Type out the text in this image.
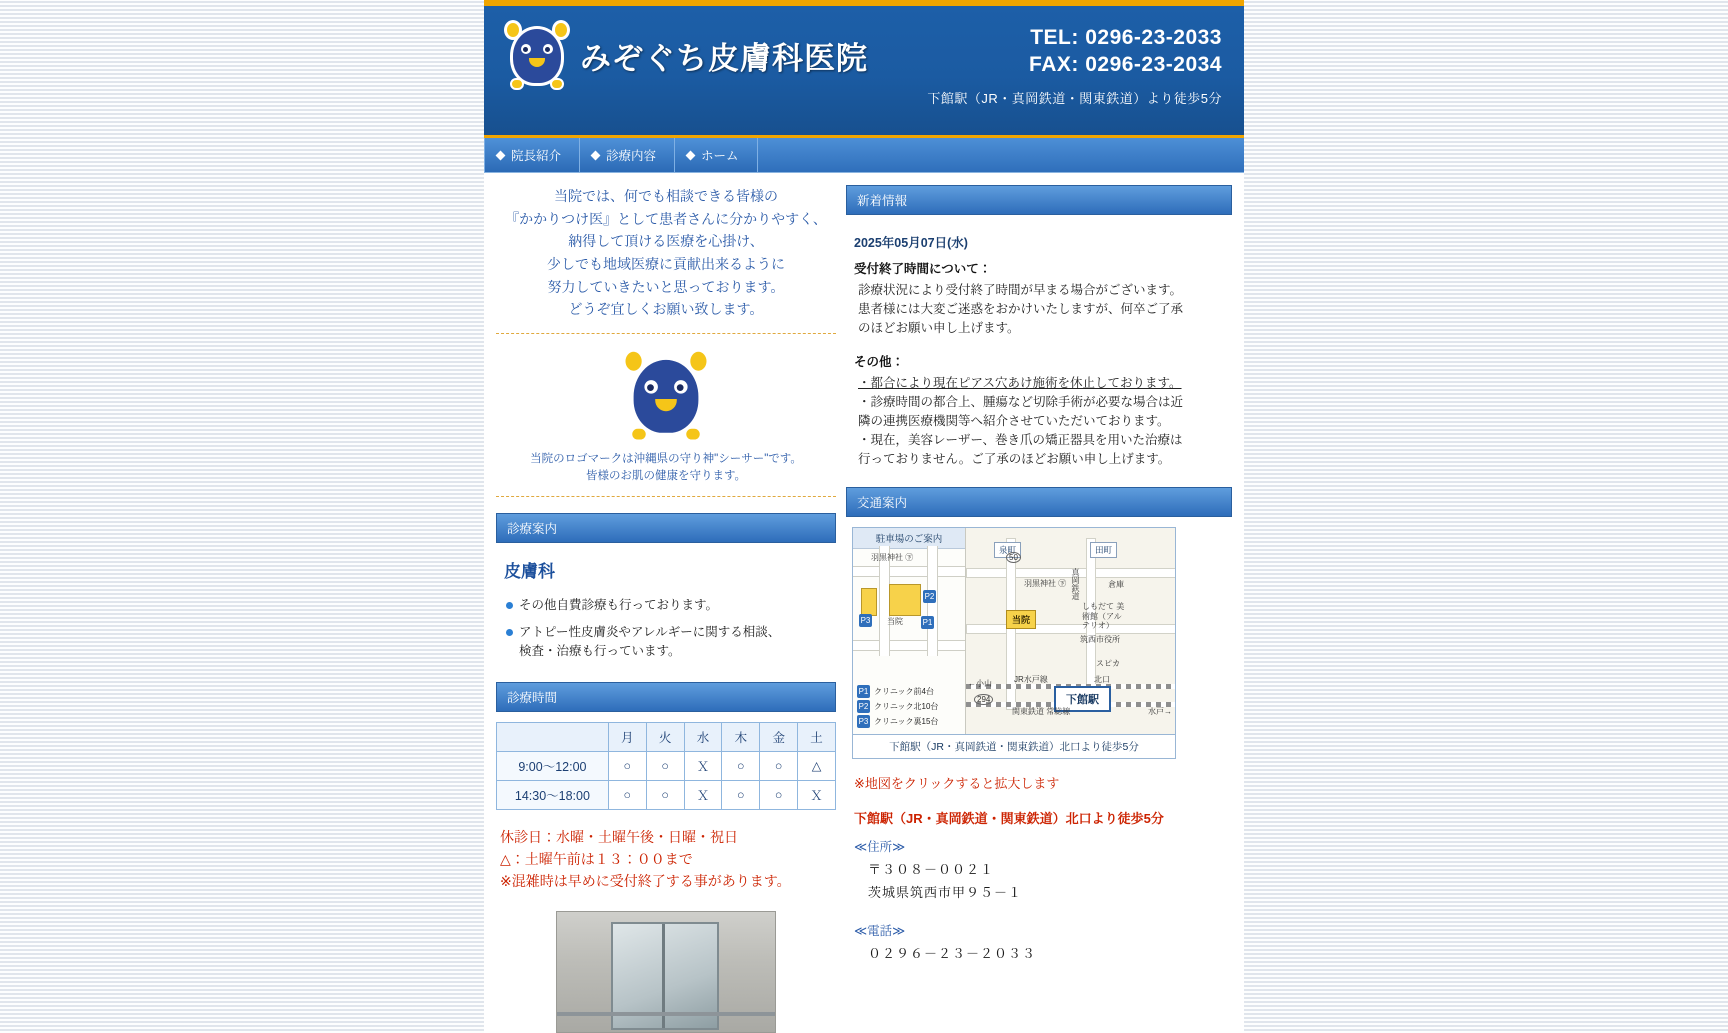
みぞぐち皮膚科医院
TEL: 0296-23-2033
FAX: 0296-23-2034
下館駅（JR・真岡鉄道・関東鉄道）より徒歩5分
院長紹介	診療内容	ホーム
当院では、何でも相談できる皆様の
『かかりつけ医』として患者さんに分かりやすく、
納得して頂ける医療を心掛け、
少しでも地域医療に貢献出来るように
努力していきたいと思っております。
どうぞ宜しくお願い致します。
当院のロゴマークは沖縄県の守り神"シーサー"です。
皆様のお肌の健康を守ります。
診療案内
皮膚科
その他自費診療も行っております。
アトピー性皮膚炎やアレルギーに関する相談、
検査・治療も行っています。
診療時間
	月	火	水	木	金	土
9:00～12:00	○	○	Ｘ	○	○	△
14:30～18:00	○	○	Ｘ	○	○	Ｘ
休診日：水曜・土曜午後・日曜・祝日
△：土曜午前は１３：００まで
※混雑時は早めに受付終了する事があります。
新着情報
2025年05月07日(水)
受付終了時間について：
診療状況により受付終了時間が早まる場合がございます。
患者様には大変ご迷惑をおかけいたしますが、何卒ご了承
のほどお願い申し上げます。
その他：
・都合により現在ピアス穴あけ施術を休止しております。
・診療時間の都合上、腫瘍など切除手術が必要な場合は近
隣の連携医療機関等へ紹介させていただいております。
・現在，美容レーザー、巻き爪の矯正器具を用いた治療は
行っておりません。ご了承のほどお願い申し上げます。
交通案内
駐車場のご案内
羽黒神社 ㊦
P3 当院 P1
P2
P1 クリニック前4台
P2 クリニック北10台
P3 クリニック裏15台
泉町	田町
羽黒神社 ㊦	倉庫
真岡鉄道
当院
しもだて 美術館（アルテリオ）
筑西市役所
スピカ
北口
下館駅
←小山	JR水戸線
関東鉄道 常総線	水戸→
294
50
下館駅（JR・真岡鉄道・関東鉄道）北口より徒歩5分
※地図をクリックすると拡大します
下館駅（JR・真岡鉄道・関東鉄道）北口より徒歩5分
≪住所≫
〒３０８－００２１
茨城県筑西市甲９５－１
≪電話≫
０２９６－２３－２０３３
